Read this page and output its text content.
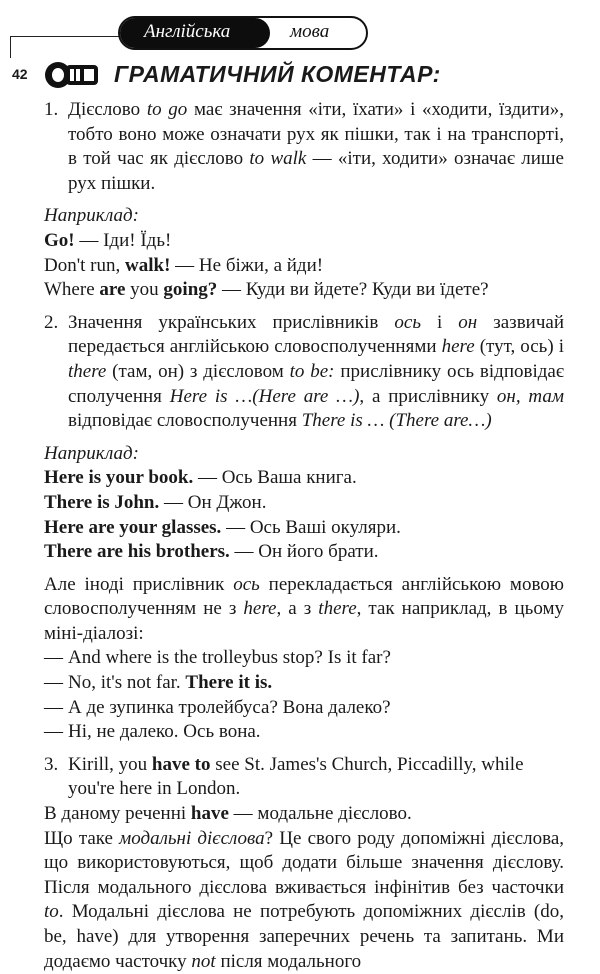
Англійська	мова
42	ГРАМАТИЧНИЙ КОМЕНТАР:
1. Дієслово to go має значення «іти, їхати» і «ходити, їздити», тобто воно може означати рух як пішки, так і на транспорті, в той час як дієслово to walk — «іти, ходити» означає лише рух пішки.

Наприклад:

Go! — Іди! Їдь!

Don't run, walk! — Не біжи, а йди!

Where are you going? — Куди ви йдете? Куди ви їдете?

2. Значення українських прислівників ось і он зазвичай передається англійською словосполученнями here (тут, ось) і there (там, он) з дієсловом to be: прислівнику ось відповідає сполучення Here is …(Here are …), а прислівнику он, там відповідає словосполучення There is … (There are…)

Наприклад:

Here is your book. — Ось Ваша книга.

There is John. — Он Джон.

Here are your glasses. — Ось Ваші окуляри.

There are his brothers. — Он його брати.

Але іноді прислівник ось перекладається англійською мовою словосполученням не з here, а з there, так наприклад, в цьому міні-діалозі:

— And where is the trolleybus stop? Is it far?
— No, it's not far. There it is.
— А де зупинка тролейбуса? Вона далеко?
— Ні, не далеко. Ось вона.
3. Kirill, you have to see St. James's Church, Piccadilly, while you're here in London.

В даному реченні have — модальне дієслово.

Що таке модальні дієслова? Це свого роду допоміжні дієслова, що використовуються, щоб додати більше значення дієслову. Після модального дієслова вживається інфінітив без часточки to. Модальні дієслова не потребують допоміжних дієслів (do, be, have) для утворення заперечних речень та запитань. Ми додаємо часточку not після модального
